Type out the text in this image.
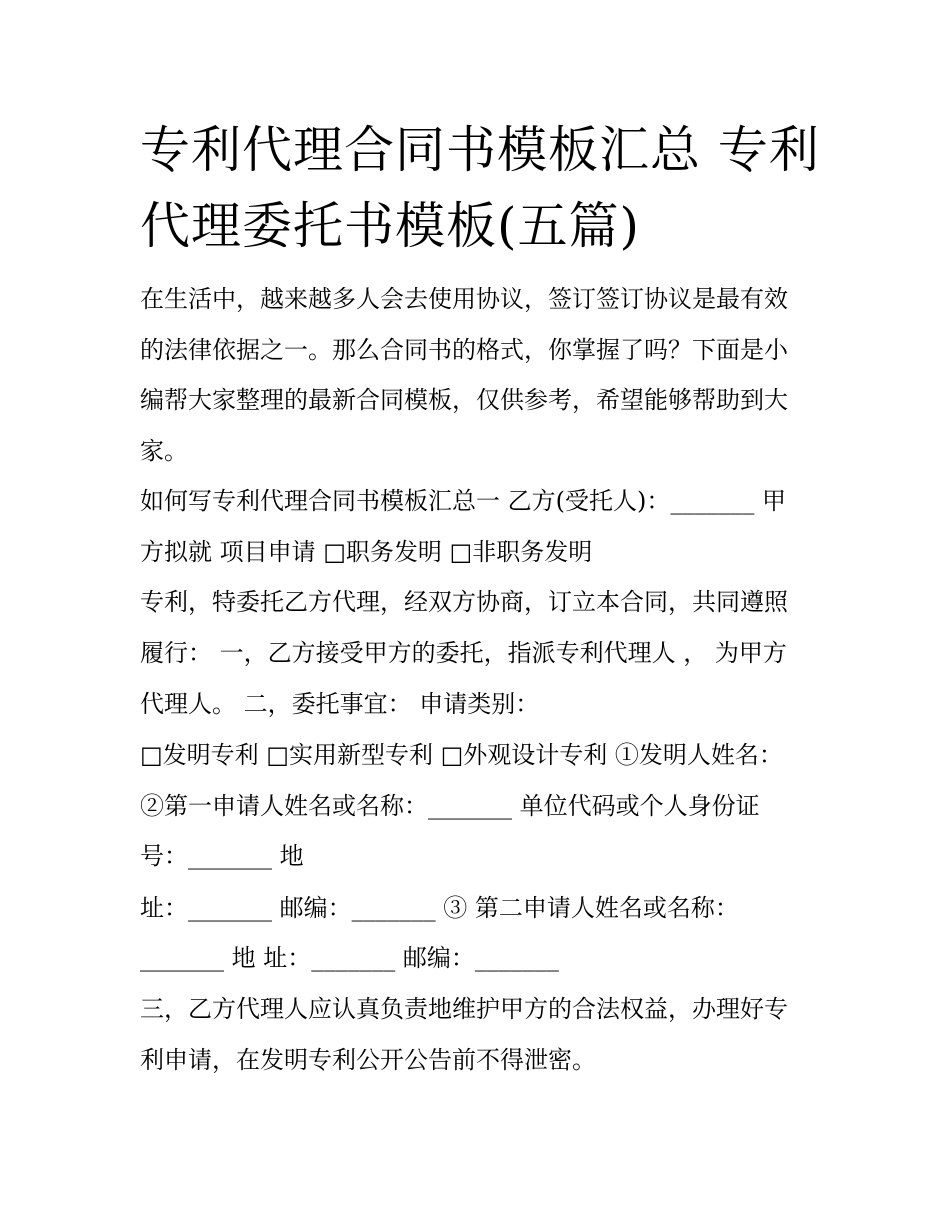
专利代理合同书模板汇总 专利
代理委托书模板(五篇)

在生活中，越来越多人会去使用协议，签订签订协议是最有效

的法律依据之一。那么合同书的格式，你掌握了吗？下面是小

编帮大家整理的最新合同模板，仅供参考，希望能够帮助到大

家。

如何写专利代理合同书模板汇总一 乙方(受托人)：_______ 甲

方拟就 项目申请 □职务发明 □非职务发明

专利，特委托乙方代理，经双方协商，订立本合同，共同遵照

履行： 一，乙方接受甲方的委托，指派专利代理人 ， 为甲方

代理人。 二，委托事宜： 申请类别：

□发明专利 □实用新型专利 □外观设计专利 ①发明人姓名：

②第一申请人姓名或名称：_______ 单位代码或个人身份证

号：_______ 地

址：_______ 邮编：_______ ③ 第二申请人姓名或名称：

_______ 地 址：_______ 邮编：_______

三，乙方代理人应认真负责地维护甲方的合法权益，办理好专

利申请，在发明专利公开公告前不得泄密。
